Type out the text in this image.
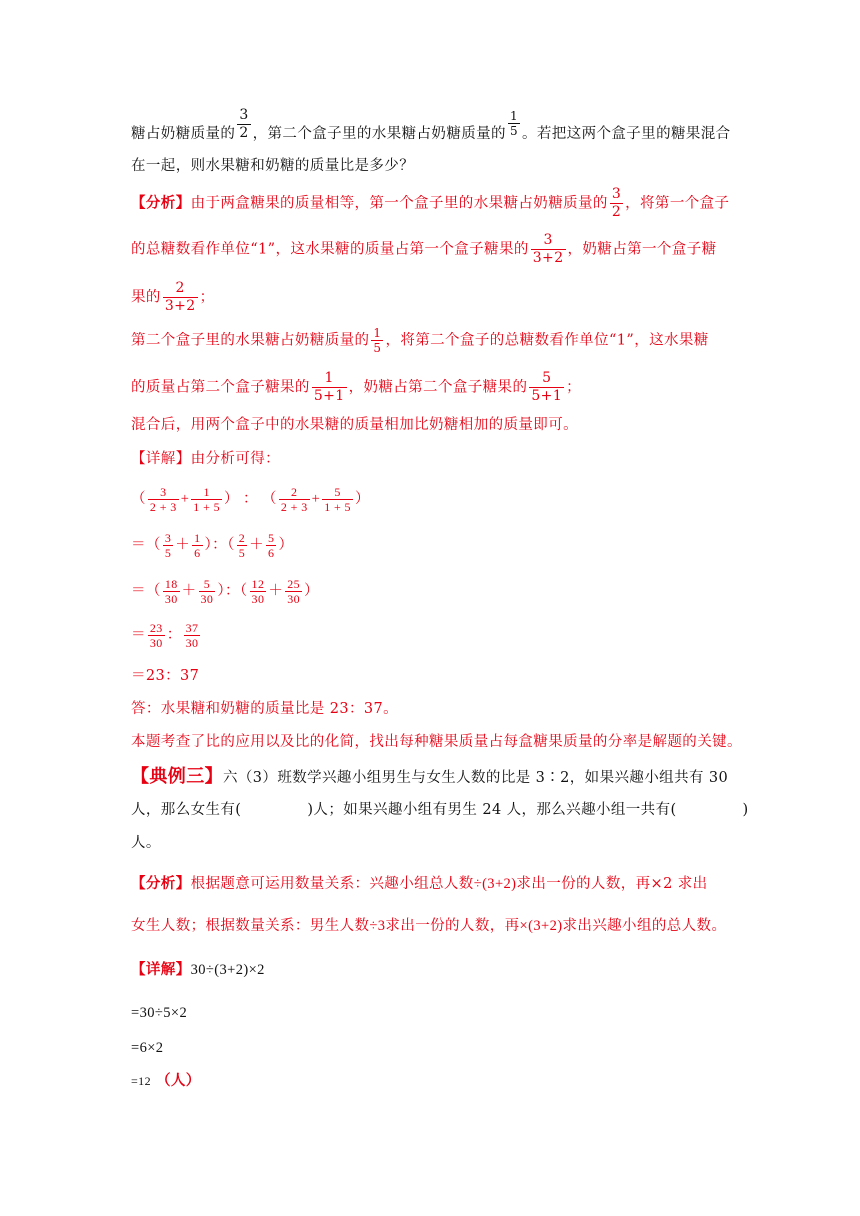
糖占奶糖质量的 $\frac{3}{2}$ ，第二个盒子里的水果糖占奶糖质量的 $\frac{1}{5}$ 。若把这两个盒子里的糖果混合
在一起，则水果糖和奶糖的质量比是多少？
【分析】由于两盒糖果的质量相等，第一个盒子里的水果糖占奶糖质量的 $\frac{3}{2}$ ，将第一个盒子
的总糖数看作单位“1”，这水果糖的质量占第一个盒子糖果的 $\frac{3}{3+2}$ ，奶糖占第一个盒子糖
果的 $\frac{2}{3+2}$ ；
第二个盒子里的水果糖占奶糖质量的 $\frac{1}{5}$ ，将第二个盒子的总糖数看作单位“1”，这水果糖
的质量占第二个盒子糖果的 $\frac{1}{5+1}$ ，奶糖占第二个盒子糖果的 $\frac{5}{5+1}$ ；
混合后，用两个盒子中的水果糖的质量相加比奶糖相加的质量即可。
【详解】由分析可得：
（ $\frac{3}{2 + 3} + \frac{1}{1 + 5}$ ） ： （ $\frac{2}{2 + 3} + \frac{5}{1 + 5}$ ）
＝（ $\frac{3}{5} + \frac{1}{6}$ ）：（ $\frac{2}{5} + \frac{5}{6}$ ）
＝（ $\frac{18}{30} + \frac{5}{30}$ ）：（ $\frac{12}{30} + \frac{25}{30}$ ）
＝ $\frac{23}{30}$ ： $\frac{37}{30}$
＝23：37
答：水果糖和奶糖的质量比是 23：37。
本题考查了比的应用以及比的化简，找出每种糖果质量占每盒糖果质量的分率是解题的关键。
【典例三】六（3）班数学兴趣小组男生与女生人数的比是 3∶2，如果兴趣小组共有 30
人，那么女生有(	)人；如果兴趣小组有男生 24 人，那么兴趣小组一共有(	)
人。
【分析】根据题意可运用数量关系：兴趣小组总人数÷(3+2)求出一份的人数，再×2 求出
女生人数；根据数量关系：男生人数÷3求出一份的人数，再×(3+2)求出兴趣小组的总人数。
【详解】30÷(3+2)×2
=30÷5×2
=6×2
=12 （人）
